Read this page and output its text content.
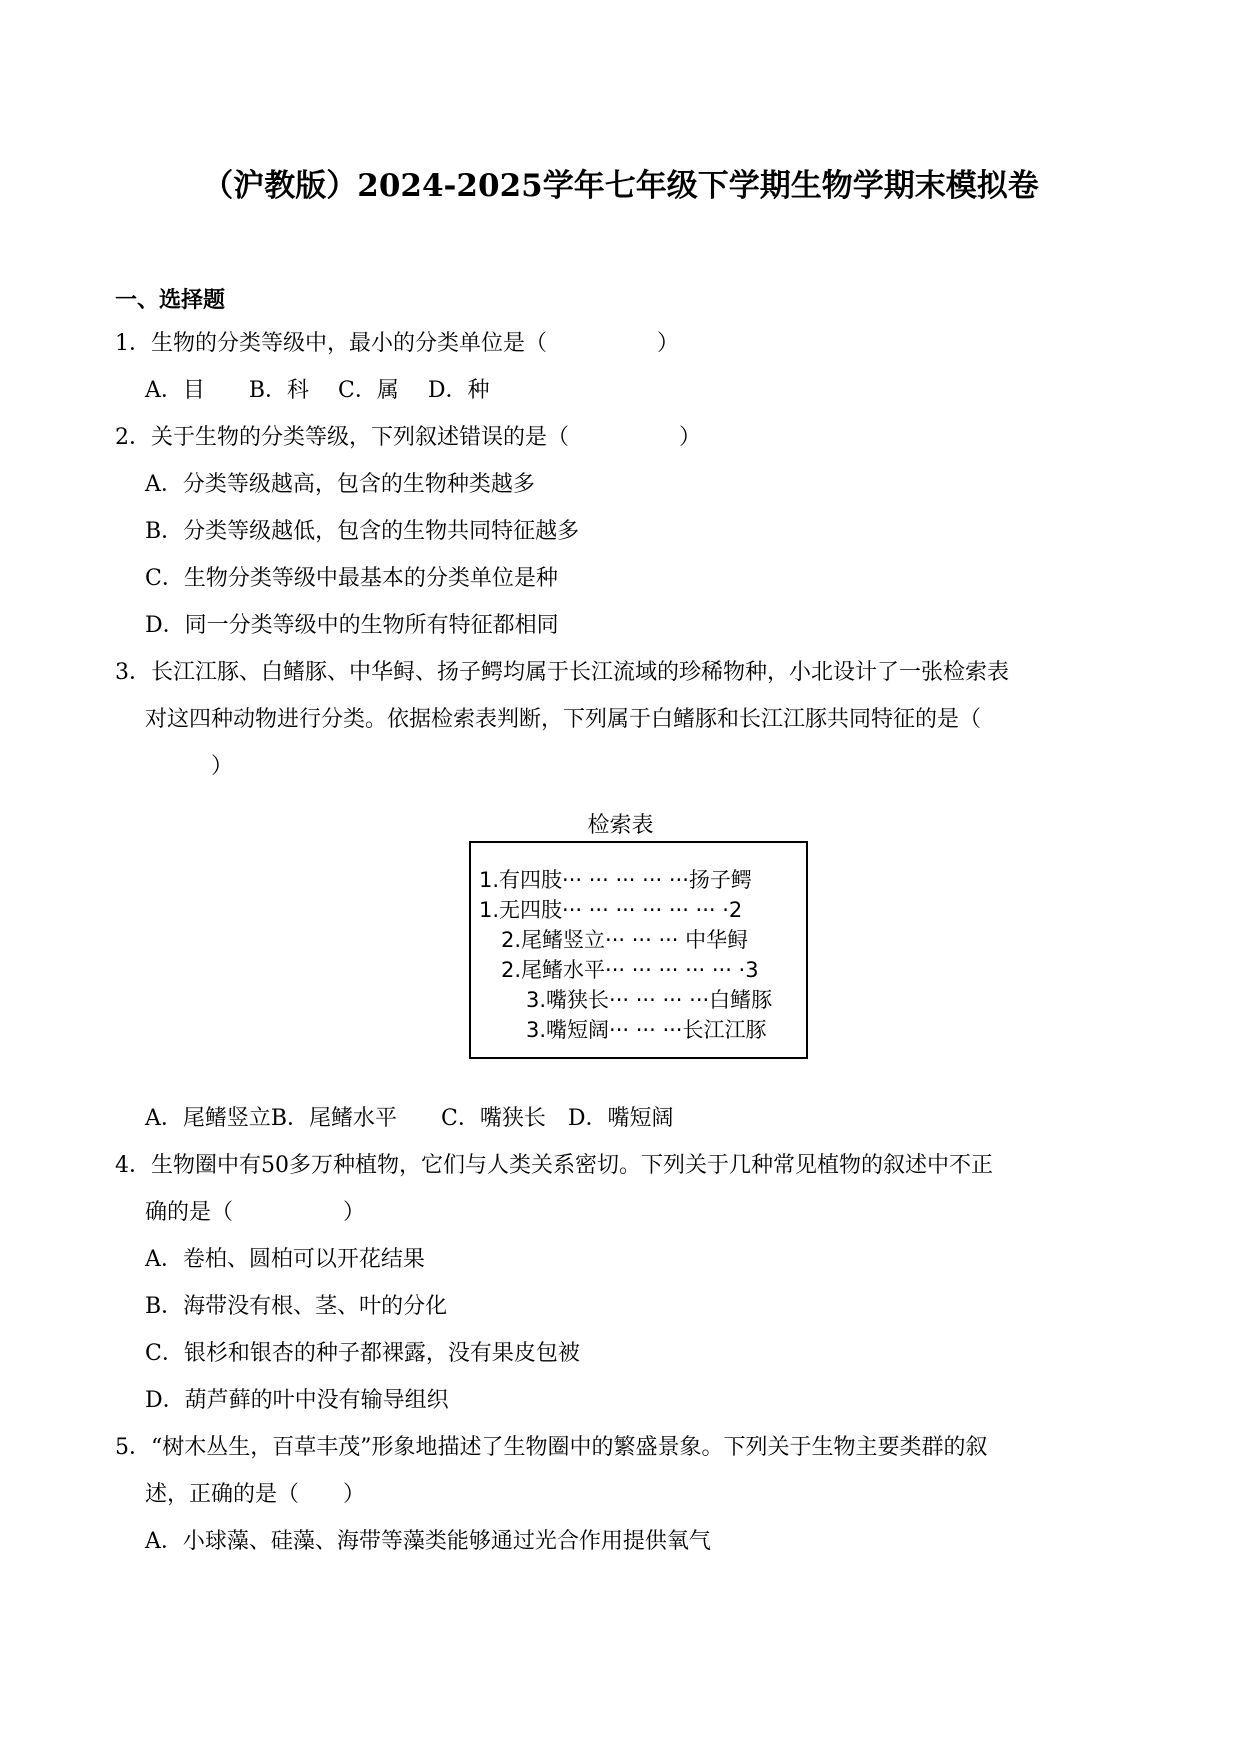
（沪教版）2024-2025学年七年级下学期生物学期末模拟卷
一、选择题
1．生物的分类等级中，最小的分类单位是（　　　　　）
A．目　　B．科　 C．属　 D．种
2．关于生物的分类等级，下列叙述错误的是（　　　　　）
A．分类等级越高，包含的生物种类越多
B．分类等级越低，包含的生物共同特征越多
C．生物分类等级中最基本的分类单位是种
D．同一分类等级中的生物所有特征都相同
3．长江江豚、白鳍豚、中华鲟、扬子鳄均属于长江流域的珍稀物种，小北设计了一张检索表
对这四种动物进行分类。依据检索表判断，下列属于白鳍豚和长江江豚共同特征的是（
　　　）
检索表
1.有四肢··· ··· ··· ··· ···扬子鳄
1.无四肢··· ··· ··· ··· ··· ··· ·2
2.尾鳍竖立··· ··· ··· 中华鲟
2.尾鳍水平··· ··· ··· ··· ··· ·3
3.嘴狭长··· ··· ··· ···白鳍豚
3.嘴短阔··· ··· ···长江江豚
A．尾鳍竖立B．尾鳍水平　　C．嘴狭长　D．嘴短阔
4．生物圈中有50多万种植物，它们与人类关系密切。下列关于几种常见植物的叙述中不正
确的是（　　　　　）
A．卷柏、圆柏可以开花结果
B．海带没有根、茎、叶的分化
C．银杉和银杏的种子都裸露，没有果皮包被
D．葫芦藓的叶中没有输导组织
5．“树木丛生，百草丰茂”形象地描述了生物圈中的繁盛景象。下列关于生物主要类群的叙
述，正确的是（　　）
A．小球藻、硅藻、海带等藻类能够通过光合作用提供氧气
